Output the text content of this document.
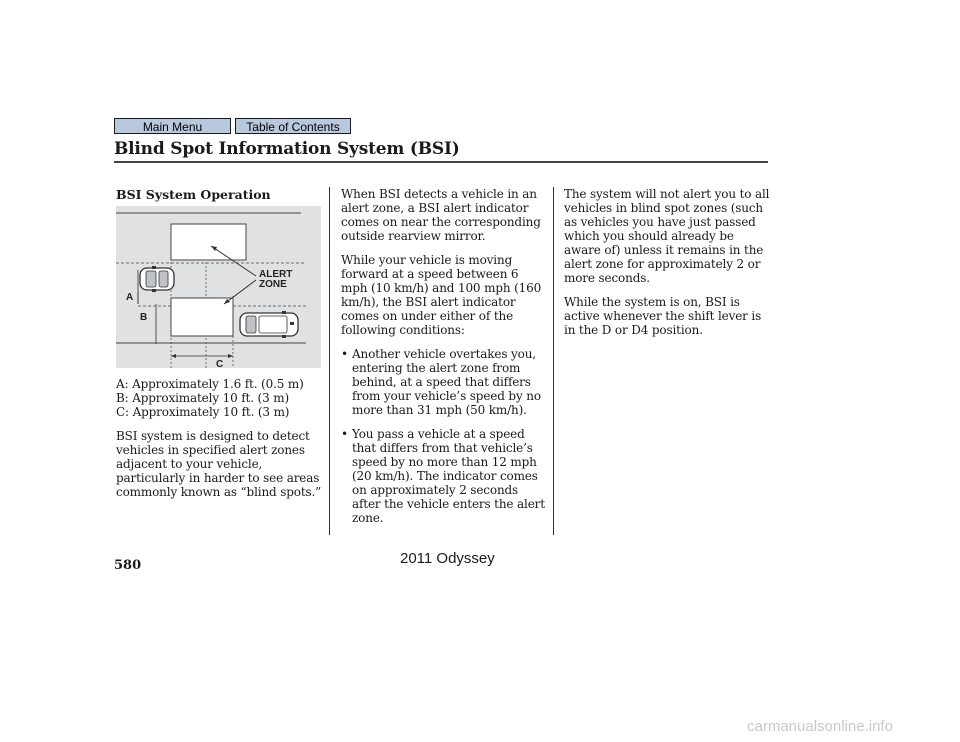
Main Menu	Table of Contents
Blind Spot Information System (BSI)
BSI System Operation
ALERT
ZONE
A
B
C
A: Approximately 1.6 ft. (0.5 m)
B: Approximately 10 ft. (3 m)
C: Approximately 10 ft. (3 m)

BSI system is designed to detect vehicles in specified alert zones adjacent to your vehicle, particularly in harder to see areas commonly known as “blind spots.”

When BSI detects a vehicle in an alert zone, a BSI alert indicator comes on near the corresponding outside rearview mirror.

While your vehicle is moving forward at a speed between 6 mph (10 km/h) and 100 mph (160 km/h), the BSI alert indicator comes on under either of the following conditions:

• Another vehicle overtakes you, entering the alert zone from behind, at a speed that differs from your vehicle’s speed by no more than 31 mph (50 km/h).
• You pass a vehicle at a speed that differs from that vehicle’s speed by no more than 12 mph (20 km/h). The indicator comes on approximately 2 seconds after the vehicle enters the alert zone.

The system will not alert you to all vehicles in blind spot zones (such as vehicles you have just passed which you should already be aware of) unless it remains in the alert zone for approximately 2 or more seconds.

While the system is on, BSI is active whenever the shift lever is in the D or D4 position.

580	2011 Odyssey
carmanualsonline.info
